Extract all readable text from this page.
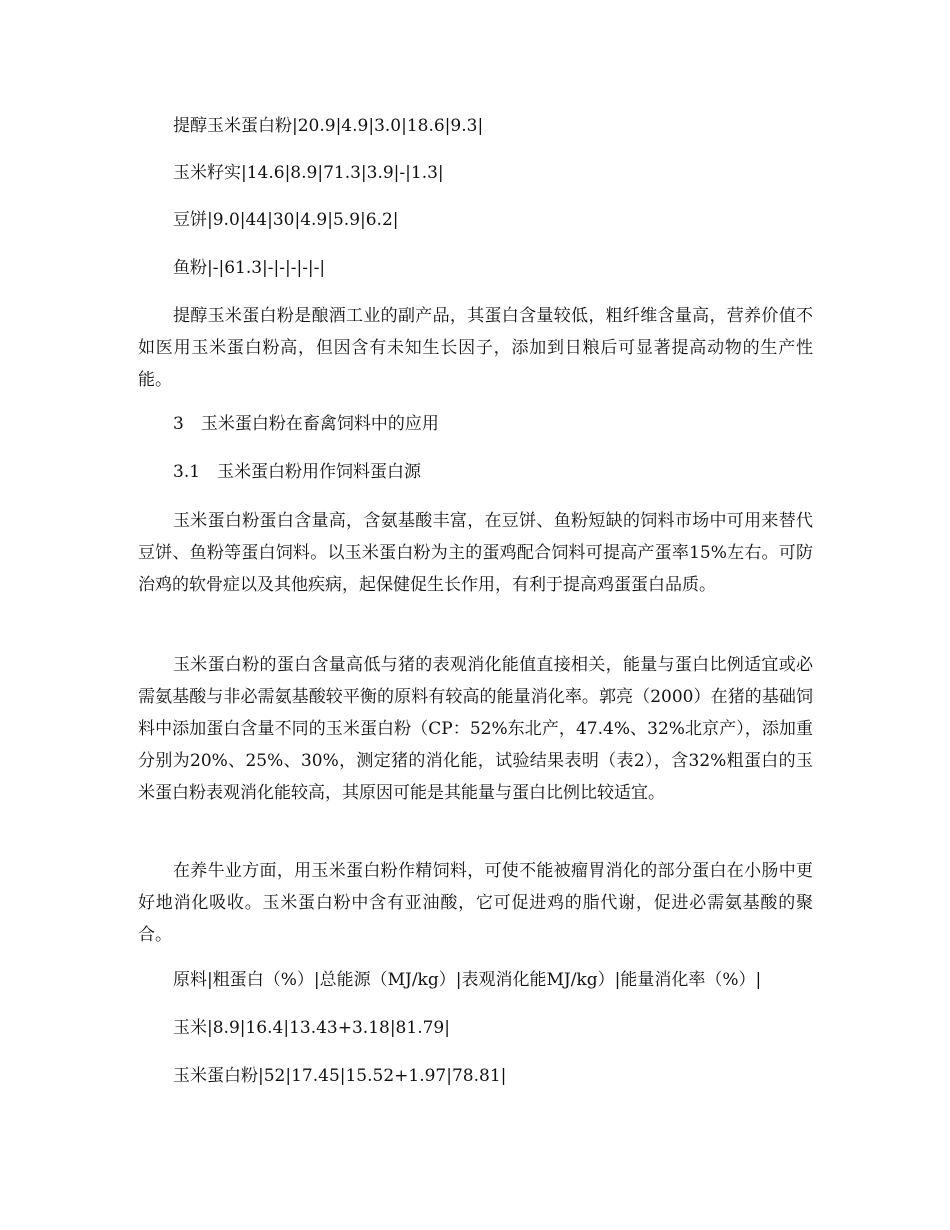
提醇玉米蛋白粉|20.9|4.9|3.0|18.6|9.3|

玉米籽实|14.6|8.9|71.3|3.9|-|1.3|

豆饼|9.0|44|30|4.9|5.9|6.2|

鱼粉|-|61.3|-|-|-|-|-|

提醇玉米蛋白粉是酿酒工业的副产品，其蛋白含量较低，粗纤维含量高，营养价值不如医用玉米蛋白粉高，但因含有未知生长因子，添加到日粮后可显著提高动物的生产性能。

3　玉米蛋白粉在畜禽饲料中的应用

3.1　玉米蛋白粉用作饲料蛋白源

玉米蛋白粉蛋白含量高，含氨基酸丰富，在豆饼、鱼粉短缺的饲料市场中可用来替代豆饼、鱼粉等蛋白饲料。以玉米蛋白粉为主的蛋鸡配合饲料可提高产蛋率15%左右。可防治鸡的软骨症以及其他疾病，起保健促生长作用，有利于提高鸡蛋蛋白品质。

玉米蛋白粉的蛋白含量高低与猪的表观消化能值直接相关，能量与蛋白比例适宜或必需氨基酸与非必需氨基酸较平衡的原料有较高的能量消化率。郭亮（2000）在猪的基础饲料中添加蛋白含量不同的玉米蛋白粉（CP：52%东北产，47.4%、32%北京产），添加重分别为20%、25%、30%，测定猪的消化能，试验结果表明（表2），含32%粗蛋白的玉米蛋白粉表观消化能较高，其原因可能是其能量与蛋白比例比较适宜。

在养牛业方面，用玉米蛋白粉作精饲料，可使不能被瘤胃消化的部分蛋白在小肠中更好地消化吸收。玉米蛋白粉中含有亚油酸，它可促进鸡的脂代谢，促进必需氨基酸的聚合。

原料|粗蛋白（%）|总能源（MJ/kg）|表观消化能MJ/kg）|能量消化率（%）|

玉米|8.9|16.4|13.43+3.18|81.79|

玉米蛋白粉|52|17.45|15.52+1.97|78.81|
